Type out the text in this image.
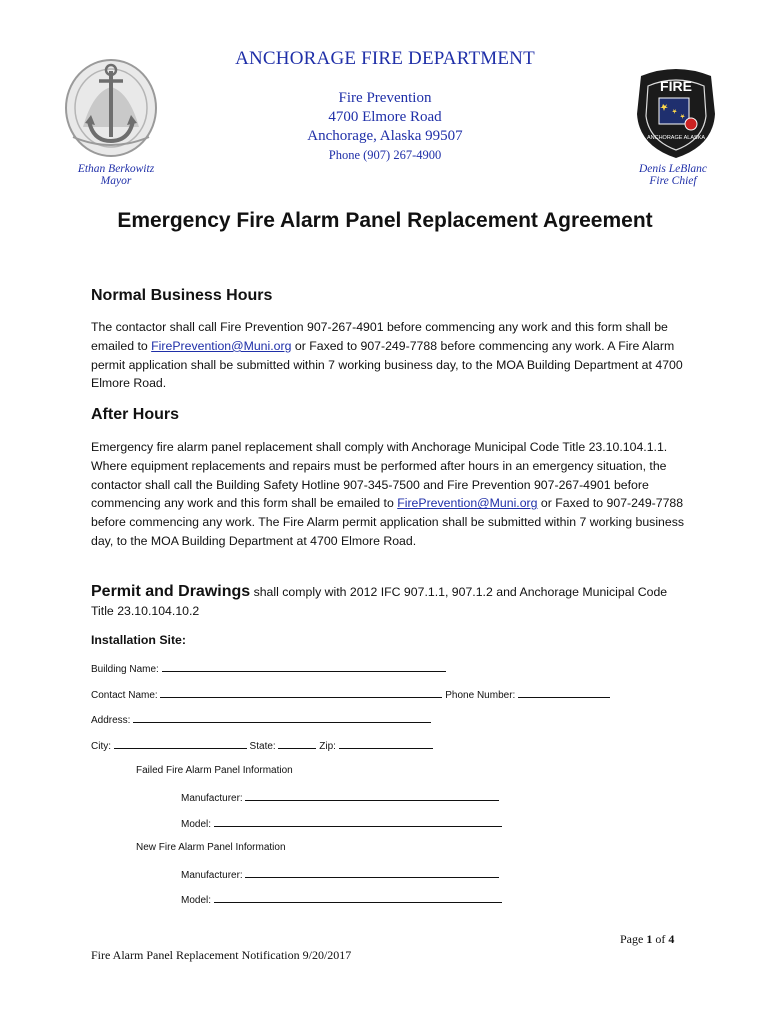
FIRE
ANCHORAGE ALASKA
ANCHORAGE FIRE DEPARTMENT
Fire Prevention
4700 Elmore Road
Anchorage, Alaska 99507
Phone (907) 267-4900
Ethan Berkowitz
Mayor
Denis LeBlanc
Fire Chief
Emergency Fire Alarm Panel Replacement Agreement
Normal Business Hours

The contactor shall call Fire Prevention 907-267-4901 before commencing any work and this form shall be emailed to FirePrevention@Muni.org or Faxed to 907-249-7788 before commencing any work. A Fire Alarm permit application shall be submitted within 7 working business day, to the MOA Building Department at 4700 Elmore Road.

After Hours

Emergency fire alarm panel replacement shall comply with Anchorage Municipal Code Title 23.10.104.1.1. Where equipment replacements and repairs must be performed after hours in an emergency situation, the contactor shall call the Building Safety Hotline 907-345-7500 and Fire Prevention 907-267-4901 before commencing any work and this form shall be emailed to FirePrevention@Muni.org or Faxed to 907-249-7788 before commencing any work. The Fire Alarm permit application shall be submitted within 7 working business day, to the MOA Building Department at 4700 Elmore Road.

Permit and Drawings shall comply with 2012 IFC 907.1.1, 907.1.2 and Anchorage Municipal Code Title 23.10.104.10.2

Installation Site:
Building Name:
Contact Name:	Phone Number:
Address:
City:	State:	Zip:
Failed Fire Alarm Panel Information
Manufacturer:
Model:
New Fire Alarm Panel Information
Manufacturer:
Model:
Page 1 of 4
Fire Alarm Panel Replacement Notification 9/20/2017
